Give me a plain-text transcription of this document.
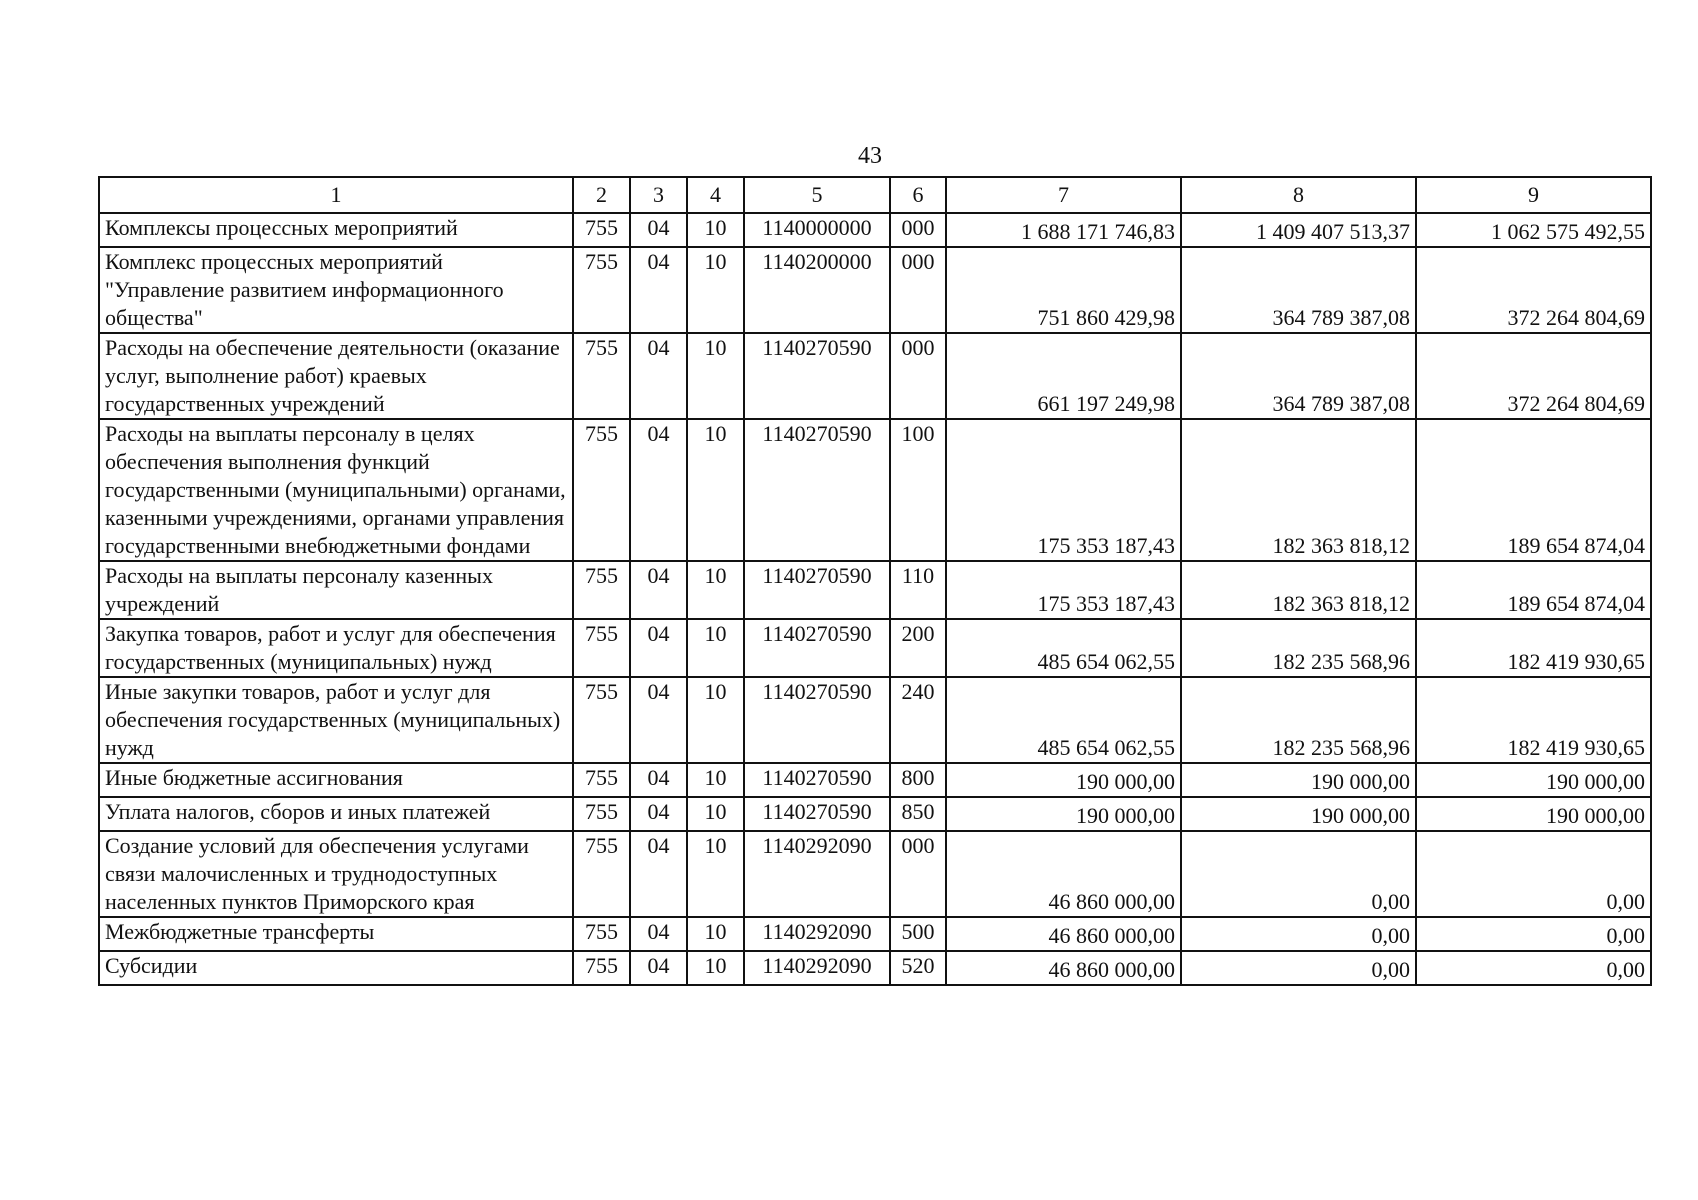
43
1	2	3	4	5	6	7	8	9
Комплексы процессных мероприятий	755	04	10	1140000000	000	1 688 171 746,83	1 409 407 513,37	1 062 575 492,55
Комплекс процессных мероприятий "Управление развитием информационного общества"	755	04	10	1140200000	000	751 860 429,98	364 789 387,08	372 264 804,69
Расходы на обеспечение деятельности (оказание услуг, выполнение работ) краевых государственных учреждений	755	04	10	1140270590	000	661 197 249,98	364 789 387,08	372 264 804,69
Расходы на выплаты персоналу в целях обеспечения выполнения функций государственными (муниципальными) органами, казенными учреждениями, органами управления государственными внебюджетными фондами	755	04	10	1140270590	100	175 353 187,43	182 363 818,12	189 654 874,04
Расходы на выплаты персоналу казенных учреждений	755	04	10	1140270590	110	175 353 187,43	182 363 818,12	189 654 874,04
Закупка товаров, работ и услуг для обеспечения государственных (муниципальных) нужд	755	04	10	1140270590	200	485 654 062,55	182 235 568,96	182 419 930,65
Иные закупки товаров, работ и услуг для обеспечения государственных (муниципальных) нужд	755	04	10	1140270590	240	485 654 062,55	182 235 568,96	182 419 930,65
Иные бюджетные ассигнования	755	04	10	1140270590	800	190 000,00	190 000,00	190 000,00
Уплата налогов, сборов и иных платежей	755	04	10	1140270590	850	190 000,00	190 000,00	190 000,00
Создание условий для обеспечения услугами связи малочисленных и труднодоступных населенных пунктов Приморского края	755	04	10	1140292090	000	46 860 000,00	0,00	0,00
Межбюджетные трансферты	755	04	10	1140292090	500	46 860 000,00	0,00	0,00
Субсидии	755	04	10	1140292090	520	46 860 000,00	0,00	0,00
